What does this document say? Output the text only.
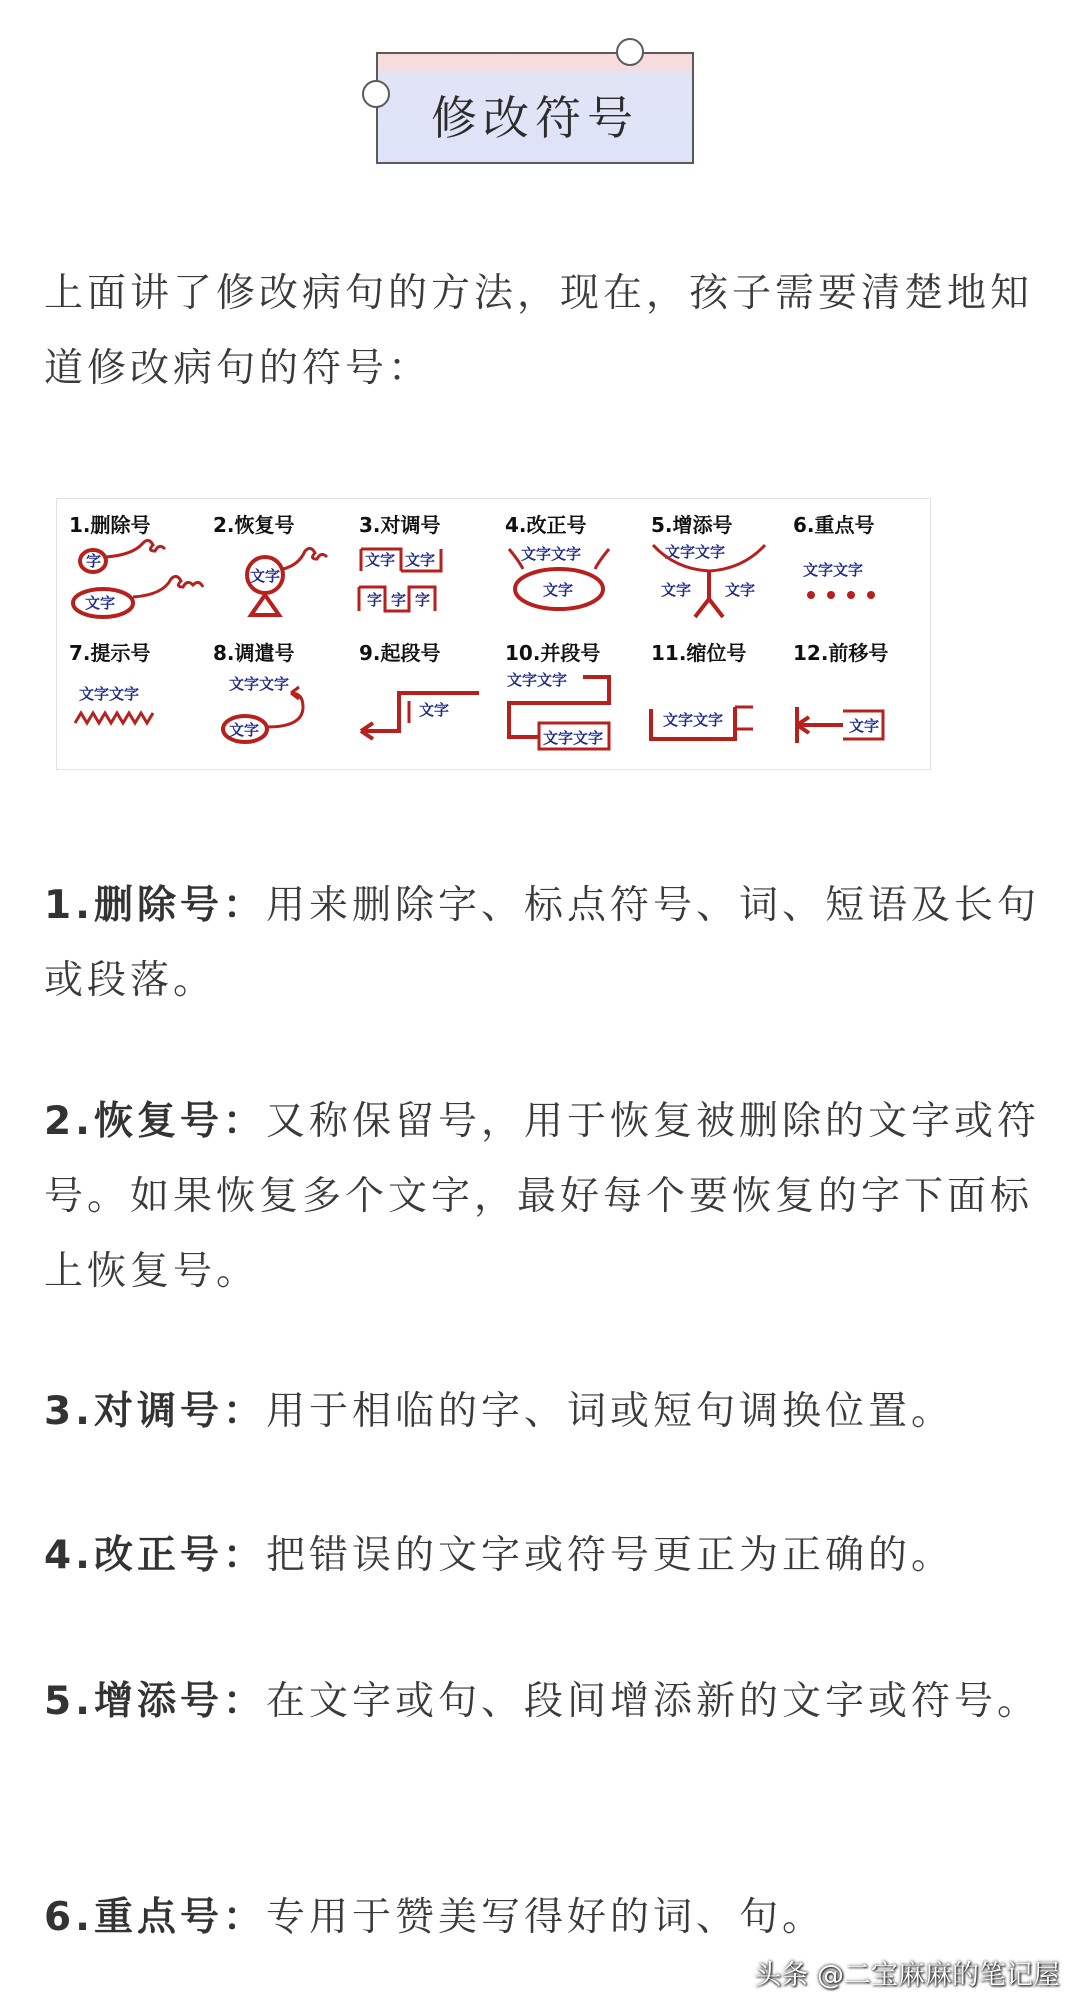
修改符号

上面讲了修改病句的方法，现在，孩子需要清楚地知道修改病句的符号：

1.删除号
字
文字
2.恢复号
文字
3.对调号
文字 文字
字 字 字
4.改正号
文字文字
文字
5.增添号
文字文字
文字 文字
6.重点号
文字文字
7.提示号
文字文字
8.调遣号
文字文字
文字
9.起段号
文字
10.并段号
文字文字
文字文字
11.缩位号
文字文字
12.前移号
文字

1.删除号：用来删除字、标点符号、词、短语及长句或段落。

2.恢复号：又称保留号，用于恢复被删除的文字或符号。如果恢复多个文字，最好每个要恢复的字下面标上恢复号。

3.对调号：用于相临的字、词或短句调换位置。

4.改正号：把错误的文字或符号更正为正确的。

5.增添号：在文字或句、段间增添新的文字或符号。

6.重点号：专用于赞美写得好的词、句。

头条 @二宝麻麻的笔记屋
